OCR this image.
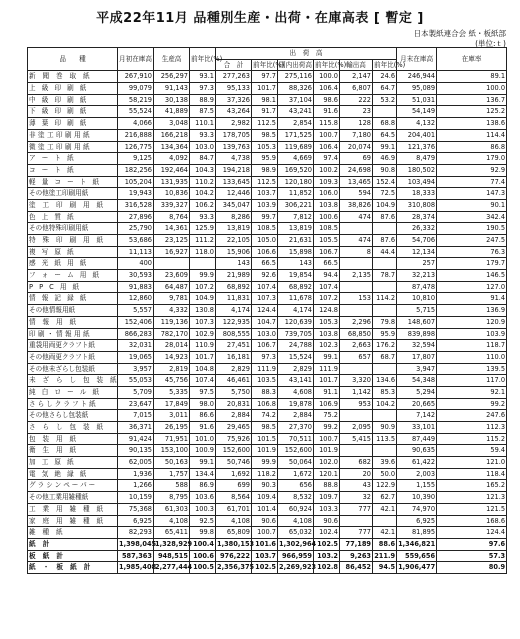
平成22年11月 品種別生産・出荷・在庫高表 [ 暫定 ]
日本製紙連合会 紙・板紙部
(単位:ｔ)
品　　種	月初在庫高	生産高	前年比(%)	出　荷　高						月末在庫高	在庫率
				合　計	前年比(%)	国内出荷高	前年比(%)	輸出高	前年比(%)		

新 聞 巻 取 紙	267,910	256,297	93.1	277,263	97.7	275,116	100.0	2,147	24.6	246,944	89.1
上 級 印 刷 紙	99,079	91,143	97.3	95,133	101.7	88,326	106.4	6,807	64.7	95,089	100.0
中 級 印 刷 紙	58,219	30,138	88.9	37,326	98.1	37,104	98.6	222	53.2	51,031	136.7
下 級 印 刷 紙	55,524	41,889	87.5	43,264	91.7	43,241	91.6	23		54,149	125.2
薄 葉 印 刷 紙	4,066	3,048	110.1	2,982	112.5	2,854	115.8	128	68.8	4,132	138.6
非塗工印刷用紙	216,888	166,218	93.3	178,705	98.5	171,525	100.7	7,180	64.5	204,401	114.4
微塗工印刷用紙	126,775	134,364	103.0	139,763	105.3	119,689	106.4	20,074	99.1	121,376	86.8
ア ー ト 紙	9,125	4,092	84.7	4,738	95.9	4,669	97.4	69	46.9	8,479	179.0
コ ー ト 紙	182,256	192,464	104.3	194,218	98.9	169,520	100.2	24,698	90.8	180,502	92.9
軽 量 コ ー ト 紙	105,204	131,935	110.2	133,645	112.5	120,180	109.3	13,465	152.4	103,494	77.4
その他塗工印刷用紙	19,943	10,836	104.2	12,446	103.7	11,852	106.0	594	72.5	18,333	147.3
塗 工 印 刷 用 紙	316,528	339,327	106.2	345,047	103.9	306,221	103.8	38,826	104.9	310,808	90.1
色 上 質 紙	27,896	8,764	93.3	8,286	99.7	7,812	100.6	474	87.6	28,374	342.4
その他特殊印刷用紙	25,790	14,361	125.9	13,819	108.5	13,819	108.5			26,332	190.5
特 殊 印 刷 用 紙	53,686	23,125	111.2	22,105	105.0	21,631	105.5	474	87.6	54,706	247.5
複 写 原 紙	11,113	16,927	118.0	15,906	106.6	15,898	106.7	8	44.4	12,134	76.3
感 光 紙 用 紙	400			143	66.5	143	66.5			257	179.7
フ ォ ー ム 用 紙	30,593	23,609	99.9	21,989	92.6	19,854	94.4	2,135	78.7	32,213	146.5
P P C 用 紙	91,883	64,487	107.2	68,892	107.4	68,892	107.4			87,478	127.0
情 報 記 録 紙	12,860	9,781	104.9	11,831	107.3	11,678	107.2	153	114.2	10,810	91.4
その他情報用紙	5,557	4,332	130.8	4,174	124.4	4,174	124.8			5,715	136.9
情 報 用 紙	152,406	119,136	107.3	122,935	104.7	120,639	105.3	2,296	79.8	148,607	120.9
印刷・情報用紙	866,283	782,170	102.9	808,555	103.0	739,705	103.8	68,850	95.9	839,898	103.9
重袋用両更クラフト紙	32,031	28,014	110.9	27,451	106.7	24,788	102.3	2,663	176.2	32,594	118.7
その他両更クラフト紙	19,065	14,923	101.7	16,181	97.3	15,524	99.1	657	68.7	17,807	110.0
その他未ざらし包装紙	3,957	2,819	104.8	2,829	111.9	2,829	111.9			3,947	139.5
未 ざ ら し 包 装 紙	55,053	45,756	107.4	46,461	103.5	43,141	101.7	3,320	134.6	54,348	117.0
純 白 ロ ー ル 紙	5,709	5,335	97.5	5,750	88.3	4,608	91.1	1,142	85.3	5,294	92.1
さらしクラフト紙	23,647	17,849	98.0	20,831	106.8	19,878	106.9	953	104.2	20,665	99.2
その他さらし包装紙	7,015	3,011	86.6	2,884	74.2	2,884	75.2			7,142	247.6
さ ら し 包 装 紙	36,371	26,195	91.6	29,465	98.5	27,370	99.2	2,095	90.9	33,101	112.3
包 装 用 紙	91,424	71,951	101.0	75,926	101.5	70,511	100.7	5,415	113.5	87,449	115.2
衛 生 用 紙	90,135	153,100	100.9	152,600	101.9	152,600	101.9			90,635	59.4
加 工 原 紙	62,005	50,163	99.1	50,746	99.9	50,064	102.0	682	39.6	61,422	121.0
電 気 絶 縁 紙	1,936	1,757	134.4	1,692	118.2	1,672	120.1	20	50.0	2,003	118.4
グラシンペーパー	1,266	588	86.9	699	90.3	656	88.8	43	122.9	1,155	165.2
その他工業用雑種紙	10,159	8,795	103.6	8,564	109.4	8,532	109.7	32	62.7	10,390	121.3
工 業 用 雑 種 紙	75,368	61,303	100.3	61,701	101.4	60,924	103.3	777	42.1	74,970	121.5
家 庭 用 雑 種 紙	6,925	4,108	92.5	4,108	90.6	4,108	90.6			6,925	168.6
雑 種 紙	82,293	65,411	99.8	65,809	100.7	65,032	102.4	777	42.1	81,895	124.4
紙 計	1,398,045	1,328,929	100.4	1,380,153	101.6	1,302,964	102.5	77,189	88.6	1,346,821	97.6
板 紙 計	587,363	948,515	100.6	976,222	103.7	966,959	103.2	9,263	211.9	559,656	57.3
紙 ・ 板 紙 計	1,985,408	2,277,444	100.5	2,356,375	102.5	2,269,923	102.8	86,452	94.5	1,906,477	80.9
